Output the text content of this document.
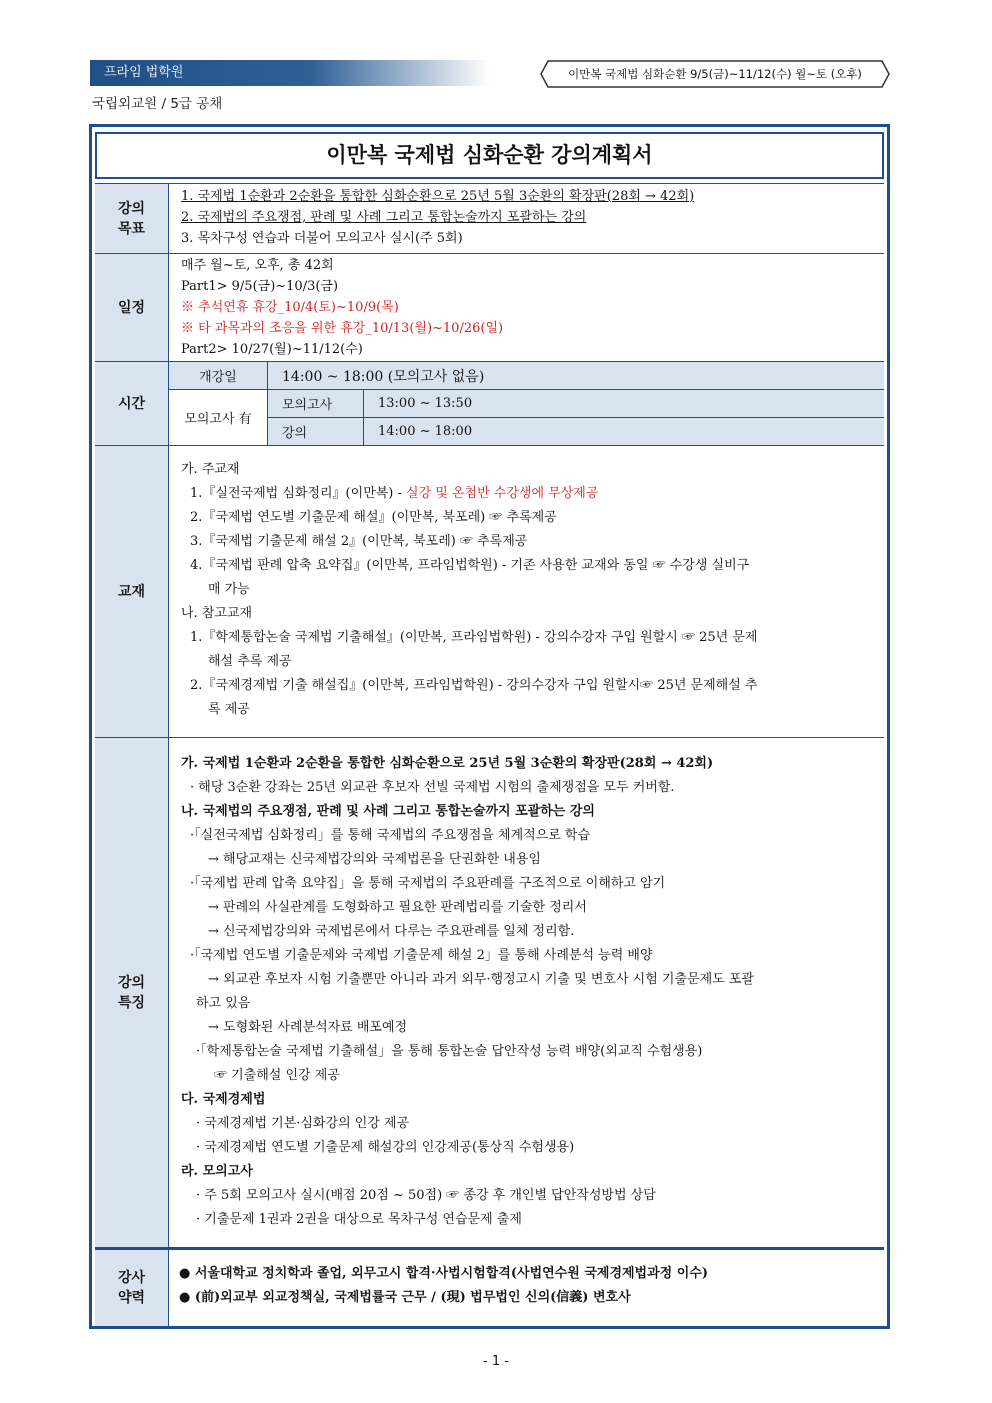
프라임 법학원	이만복 국제법 심화순환 9/5(금)~11/12(수) 월~토 (오후)
국립외교원 / 5급 공채
이만복 국제법 심화순환 강의계획서
강의
목표
1. 국제법 1순환과 2순환을 통합한 심화순환으로 25년 5월 3순환의 확장판(28회 → 42회)
2. 국제법의 주요쟁점, 판례 및 사례 그리고 통합논술까지 포괄하는 강의
3. 목차구성 연습과 더불어 모의고사 실시(주 5회)
일정
매주 월~토, 오후, 총 42회
Part1> 9/5(금)~10/3(금)
※ 추석연휴 휴강_10/4(토)~10/9(목)
※ 타 과목과의 조응을 위한 휴강_10/13(월)~10/26(일)
Part2> 10/27(월)~11/12(수)
시간
개강일	14:00 ~ 18:00 (모의고사 없음)
모의고사 有
모의고사	13:00 ~ 13:50
강의	14:00 ~ 18:00
교재
가. 주교재
1.『실전국제법 심화정리』(이만복) - 실강 및 온첨반 수강생에 무상제공
2.『국제법 연도별 기출문제 해설』(이만복, 북포레) ☞ 추록제공
3.『국제법 기출문제 해설 2』(이만복, 북포레) ☞ 추록제공
4.『국제법 판례 압축 요약집』(이만복, 프라임법학원) - 기존 사용한 교재와 동일 ☞ 수강생 실비구
매 가능
나. 참고교재
1.『학제통합논술 국제법 기출해설』(이만복, 프라임법학원) - 강의수강자 구입 원할시 ☞ 25년 문제
해설 추록 제공
2.『국제경제법 기출 해설집』(이만복, 프라임법학원) - 강의수강자 구입 원할시☞ 25년 문제해설 추
록 제공
강의
특징
가. 국제법 1순환과 2순환을 통합한 심화순환으로 25년 5월 3순환의 확장판(28회 → 42회)
· 해당 3순환 강좌는 25년 외교관 후보자 선빌 국제법 시험의 출제쟁점을 모두 커버함.
나. 국제법의 주요쟁점, 판례 및 사례 그리고 통합논술까지 포괄하는 강의
·「실전국제법 심화정리」를 통해 국제법의 주요쟁점을 체계적으로 학습
→ 해당교재는 신국제법강의와 국제법론을 단권화한 내용임
·「국제법 판례 압축 요약집」을 통해 국제법의 주요판례를 구조적으로 이해하고 암기
→ 판례의 사실관계를 도형화하고 필요한 판례법리를 기술한 정리서
→ 신국제법강의와 국제법론에서 다루는 주요판례를 일체 정리함.
·「국제법 연도별 기출문제와 국제법 기출문제 해설 2」를 통해 사례분석 능력 배양
→ 외교관 후보자 시험 기출뿐만 아니라 과거 외무·행정고시 기출 및 변호사 시험 기출문제도 포괄
하고 있음
→ 도형화된 사례분석자료 배포예정
·「학제통합논술 국제법 기출해설」을 통해 통합논술 답안작성 능력 배양(외교직 수험생용)
☞ 기출해설 인강 제공
다. 국제경제법
· 국제경제법 기본·심화강의 인강 제공
· 국제경제법 연도별 기출문제 해설강의 인강제공(통상직 수험생용)
라. 모의고사
· 주 5회 모의고사 실시(배점 20점 ~ 50점) ☞ 종강 후 개인별 답안작성방법 상담
· 기출문제 1권과 2권을 대상으로 목차구성 연습문제 출제
강사
약력
● 서울대학교 정치학과 졸업, 외무고시 합격·사법시험합격(사법연수원 국제경제법과정 이수)
● (前)외교부 외교정책실, 국제법률국 근무 / (現) 법무법인 신의(信義) 변호사
- 1 -
